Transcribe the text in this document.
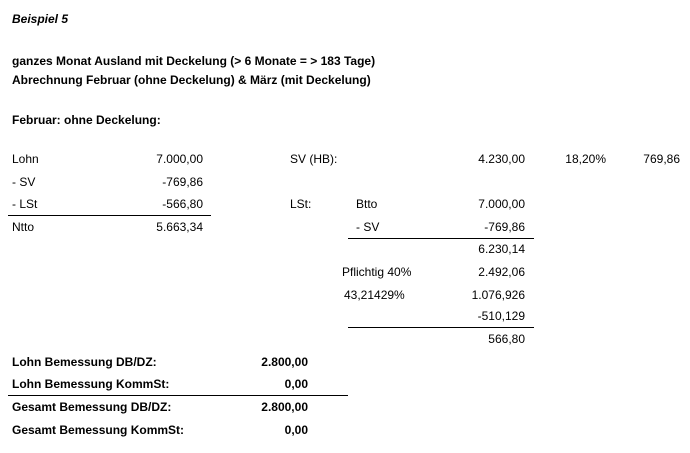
Beispiel 5
ganzes Monat Ausland mit Deckelung (> 6 Monate = > 183 Tage)
Abrechnung Februar (ohne Deckelung) & März (mit Deckelung)
Februar: ohne Deckelung:
Lohn	7.000,00
- SV	-769,86
- LSt	-566,80
Ntto	5.663,34
SV (HB):	4.230,00	18,20%	769,86
LSt:	Btto	7.000,00
- SV	-769,86
6.230,14
Pflichtig 40%	2.492,06
43,21429%	1.076,926
-510,129
566,80
Lohn Bemessung DB/DZ:	2.800,00
Lohn Bemessung KommSt:	0,00
Gesamt Bemessung DB/DZ:	2.800,00
Gesamt Bemessung KommSt:	0,00
